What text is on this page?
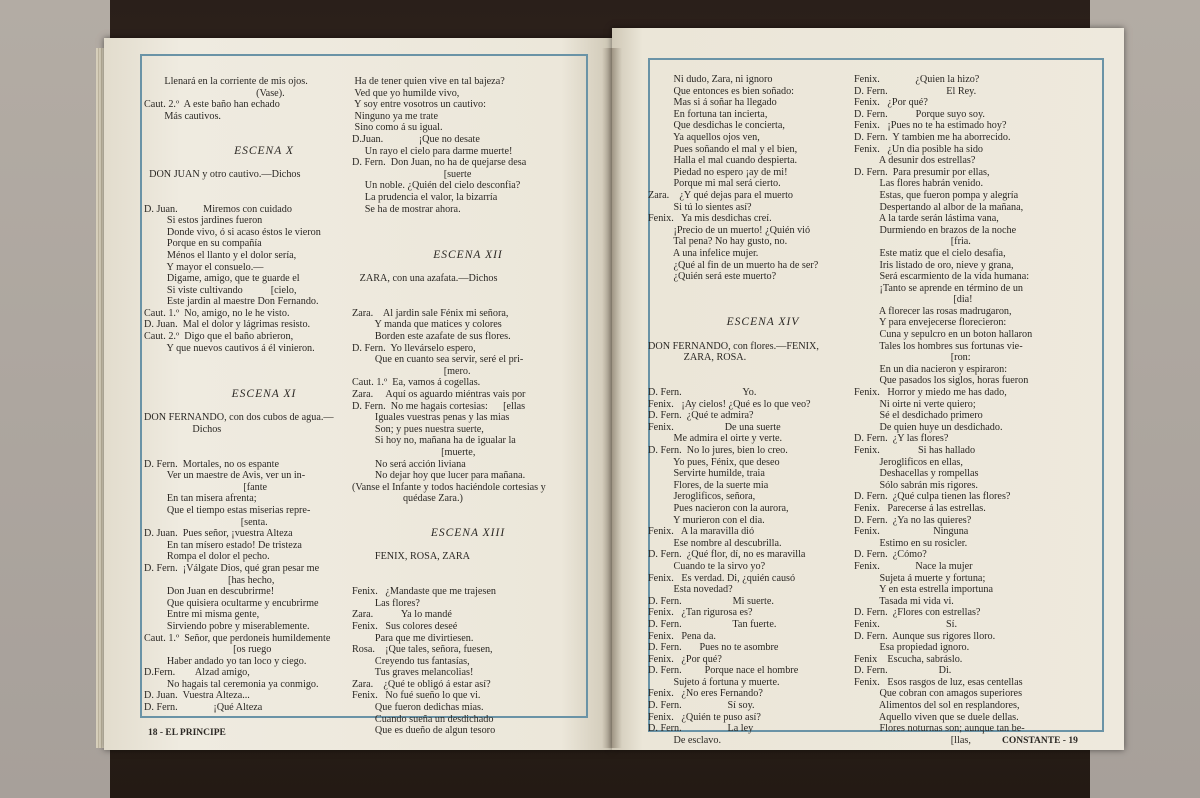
Llenará en la corriente de mis ojos.
(Vase).
Caut. 2.º  A este baño han echado
Más cautivos.
ESCENA X
DON JUAN y otro cautivo.—Dichos
D. Juan.          Miremos con cuidado
Si estos jardines fueron
Donde vivo, ó si acaso éstos le vieron
Porque en su compañía
Ménos el llanto y el dolor sería,
Y mayor el consuelo.—
Digame, amigo, que te guarde el
Si viste cultivando           [cielo,
Este jardin al maestre Don Fernando.
Caut. 1.º  No, amigo, no le he visto.
D. Juan.  Mal el dolor y lágrimas resisto.
Caut. 2.º  Digo que el baño abrieron,
Y que nuevos cautivos á él vinieron.
ESCENA XI
DON FERNANDO, con dos cubos de agua.—
Dichos
D. Fern.  Mortales, no os espante
Ver un maestre de Avis, ver un in-
[fante
En tan misera afrenta;
Que el tiempo estas miserias repre-
[senta.
D. Juan.  Pues señor, ¡vuestra Alteza
En tan mísero estado! De tristeza
Rompa el dolor el pecho.
D. Fern.  ¡Válgate Dios, qué gran pesar me
[has hecho,
Don Juan en descubrirme!
Que quisiera ocultarme y encubrirme
Entre mi misma gente,
Sirviendo pobre y miserablemente.
Caut. 1.º  Señor, que perdoneis humildemente
[os ruego
Haber andado yo tan loco y ciego.
D.Fern.        Alzad amigo,
No hagais tal ceremonia ya conmigo.
D. Juan.  Vuestra Alteza...
D. Fern.              ¡Qué Alteza
Ha de tener quien vive en tal bajeza?
Ved que yo humilde vivo,
Y soy entre vosotros un cautivo:
Ninguno ya me trate
Sino como á su igual.
D.Juan.              ¡Que no desate
Un rayo el cielo para darme muerte!
D. Fern.  Don Juan, no ha de quejarse desa
[suerte
Un noble. ¿Quién del cielo desconfia?
La prudencia el valor, la bizarría
Se ha de mostrar ahora.
ESCENA XII
ZARA, con una azafata.—Dichos
Zara.    Al jardin sale Fénix mi señora,
Y manda que matices y colores
Borden este azafate de sus flores.
D. Fern.  Yo llevárselo espero,
Que en cuanto sea servir, seré el pri-
[mero.
Caut. 1.º  Ea, vamos á cogellas.
Zara.     Aquí os aguardo miéntras vais por
D. Fern.  No me hagais cortesias:      [ellas
Iguales vuestras penas y las mias
Son; y pues nuestra suerte,
Si hoy no, mañana ha de igualar la
[muerte,
No será acción liviana
No dejar hoy que lucer para mañana.
(Vanse el Infante y todos haciéndole cortesias y
quédase Zara.)
ESCENA XIII
FENIX, ROSA, ZARA
Fenix.   ¿Mandaste que me trajesen
Las flores?
Zara.           Ya lo mandé
Fenix.   Sus colores deseé
Para que me divirtiesen.
Rosa.    ¡Que tales, señora, fuesen,
Creyendo tus fantasías,
Tus graves melancolias!
Zara.    ¿Qué te obligó á estar así?
Fenix.   No fué sueño lo que vi.
Que fueron dedichas mias.
Cuando sueña un desdichado
Que es dueño de algun tesoro
18 - EL PRINCIPE
Ni dudo, Zara, ni ignoro
Que entonces es bien soñado:
Mas si á soñar ha llegado
En fortuna tan incierta,
Que desdichas le concierta,
Ya aquellos ojos ven,
Pues soñando el mal y el bien,
Halla el mal cuando despierta.
Piedad no espero ¡ay de mi!
Porque mi mal será cierto.
Zara.    ¿Y qué dejas para el muerto
Si tú lo sientes así?
Fenix.   Ya mis desdichas creí.
¡Precio de un muerto! ¿Quién vió
Tal pena? No hay gusto, no.
A una infelice mujer.
¿Qué al fin de un muerto ha de ser?
¿Quién será este muerto?
ESCENA XIV
DON FERNANDO, con flores.—FENIX,
ZARA, ROSA.
D. Fern.                        Yo.
Fenix.   ¡Ay cielos! ¿Qué es lo que veo?
D. Fern.  ¿Qué te admira?
Fenix.                    De una suerte
Me admira el oirte y verte.
D. Fern.  No lo jures, bien lo creo.
Yo pues, Fénix, que deseo
Servirte humilde, traia
Flores, de la suerte mia
Jeroglificos, señora,
Pues nacieron con la aurora,
Y murieron con el dia.
Fenix.   A la maravilla dió
Ese nombre al descubrilla.
D. Fern.  ¿Qué flor, dí, no es maravilla
Cuando te la sirvo yo?
Fenix.   Es verdad. Di, ¿quién causó
Esta novedad?
D. Fern.                    Mi suerte.
Fenix.   ¿Tan rigurosa es?
D. Fern.                    Tan fuerte.
Fenix.   Pena da.
D. Fern.       Pues no te asombre
Fenix.   ¿Por qué?
D. Fern.         Porque nace el hombre
Sujeto á fortuna y muerte.
Fenix.   ¿No eres Fernando?
D. Fern.                  Sí soy.
Fenix.   ¿Quién te puso así?
D. Fern.                  La ley
De esclavo.
Fenix.              ¿Quien la hizo?
D. Fern.                       El Rey.
Fenix.   ¿Por qué?
D. Fern.           Porque suyo soy.
Fenix.   ¡Pues no te ha estimado hoy?
D. Fern.  Y tambien me ha aborrecido.
Fenix.   ¿Un dia posible ha sido
A desunir dos estrellas?
D. Fern.  Para presumir por ellas,
Las flores habrán venido.
Estas, que fueron pompa y alegría
Despertando al albor de la mañana,
A la tarde serán lástima vana,
Durmiendo en brazos de la noche
[fria.
Este matiz que el cielo desafia,
Iris listado de oro, nieve y grana,
Será escarmiento de la vida humana:
¡Tanto se aprende en término de un
[dia!
A florecer las rosas madrugaron,
Y para envejecerse florecieron:
Cuna y sepulcro en un boton hallaron
Tales los hombres sus fortunas vie-
[ron:
En un dia nacieron y espiraron:
Que pasados los siglos, horas fueron
Fenix.   Horror y miedo me has dado,
Ni oirte ni verte quiero;
Sé el desdichado primero
De quien huye un desdichado.
D. Fern.  ¿Y las flores?
Fenix.               Si has hallado
Jeroglificos en ellas,
Deshacellas y rompellas
Sólo sabrán mis rigores.
D. Fern.  ¿Qué culpa tienen las flores?
Fenix.   Parecerse á las estrellas.
D. Fern.  ¿Ya no las quieres?
Fenix.                     Ninguna
Estimo en su rosicler.
D. Fern.  ¿Cómo?
Fenix.              Nace la mujer
Sujeta á muerte y fortuna;
Y en esta estrella importuna
Tasada mi vida vi.
D. Fern.  ¿Flores con estrellas?
Fenix.                          Sí.
D. Fern.  Aunque sus rigores lloro.
Esa propiedad ignoro.
Fenix    Escucha, sabráslo.
D. Fern.                    Di.
Fenix.   Esos rasgos de luz, esas centellas
Que cobran con amagos superiores
Alimentos del sol en resplandores,
Aquello viven que se duele dellas.
Flores noturnas son; aunque tan be-
[llas,	CONSTANTE - 19
